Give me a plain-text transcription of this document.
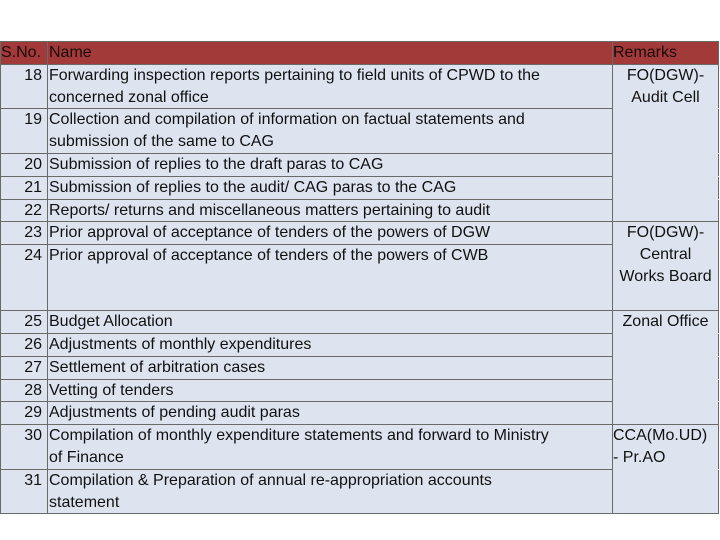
S.No.	Name	Remarks
18	Forwarding inspection reports pertaining to field units of CPWD to the
concerned zonal office	FO(DGW)-
Audit Cell
19	Collection and compilation of information on factual statements and
submission of the same to CAG	
20	Submission of replies to the draft paras to CAG	
21	Submission of replies to the audit/ CAG paras to the CAG	
22	Reports/ returns and miscellaneous matters pertaining to audit	
23	Prior approval of acceptance of tenders of the powers of DGW	FO(DGW)-
Central
Works Board
24	Prior approval of acceptance of tenders of the powers of CWB	
25	Budget Allocation	Zonal Office
26	Adjustments of monthly expenditures	
27	Settlement of arbitration cases	
28	Vetting of tenders	
29	Adjustments of pending audit paras	
30	Compilation of monthly expenditure statements and forward to Ministry
of Finance	CCA(Mo.UD)
- Pr.AO
31	Compilation & Preparation of annual re-appropriation accounts
statement	
